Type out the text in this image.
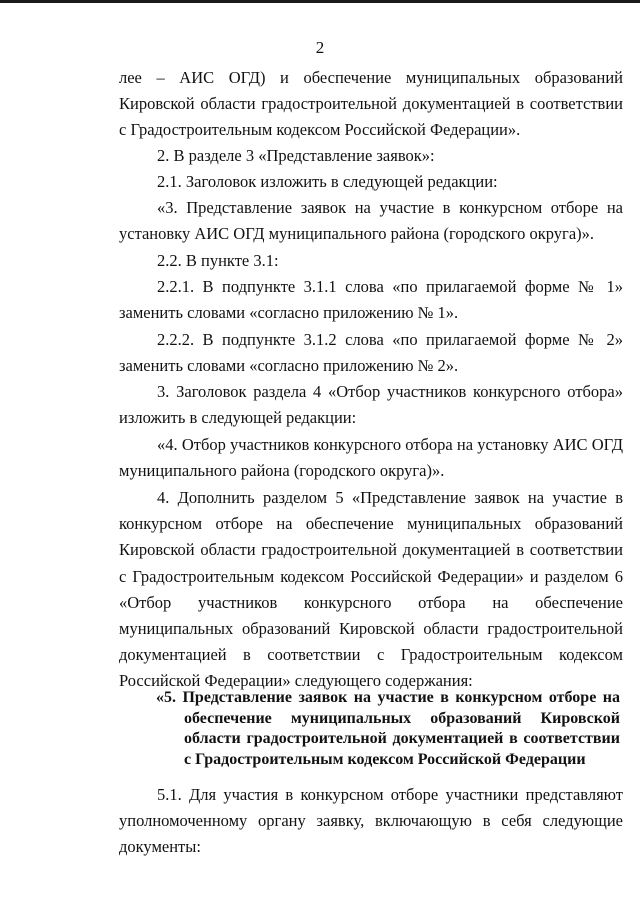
2

лее – АИС ОГД) и обеспечение муниципальных образований Кировской области градостроительной документацией в соответствии с Градостроительным кодексом Российской Федерации».

2. В разделе 3 «Представление заявок»:

2.1. Заголовок изложить в следующей редакции:

«3. Представление заявок на участие в конкурсном отборе на установку АИС ОГД муниципального района (городского округа)».

2.2. В пункте 3.1:

2.2.1. В подпункте 3.1.1 слова «по прилагаемой форме № 1» заменить словами «согласно приложению № 1».

2.2.2. В подпункте 3.1.2 слова «по прилагаемой форме № 2» заменить словами «согласно приложению № 2».

3. Заголовок раздела 4 «Отбор участников конкурсного отбора» изложить в следующей редакции:

«4. Отбор участников конкурсного отбора на установку АИС ОГД муниципального района (городского округа)».

4. Дополнить разделом 5 «Представление заявок на участие в конкурсном отборе на обеспечение муниципальных образований Кировской области градостроительной документацией в соответствии с Градостроительным кодексом Российской Федерации» и разделом 6 «Отбор участников конкурсного отбора на обеспечение муниципальных образований Кировской области градостроительной документацией в соответствии с Градостроительным кодексом Российской Федерации» следующего содержания:

«5. Представление заявок на участие в конкурсном отборе на обеспечение муниципальных образований Кировской области градостроительной документацией в соответствии с Градостроительным кодексом Российской Федерации

5.1. Для участия в конкурсном отборе участники представляют уполномоченному органу заявку, включающую в себя следующие документы:
